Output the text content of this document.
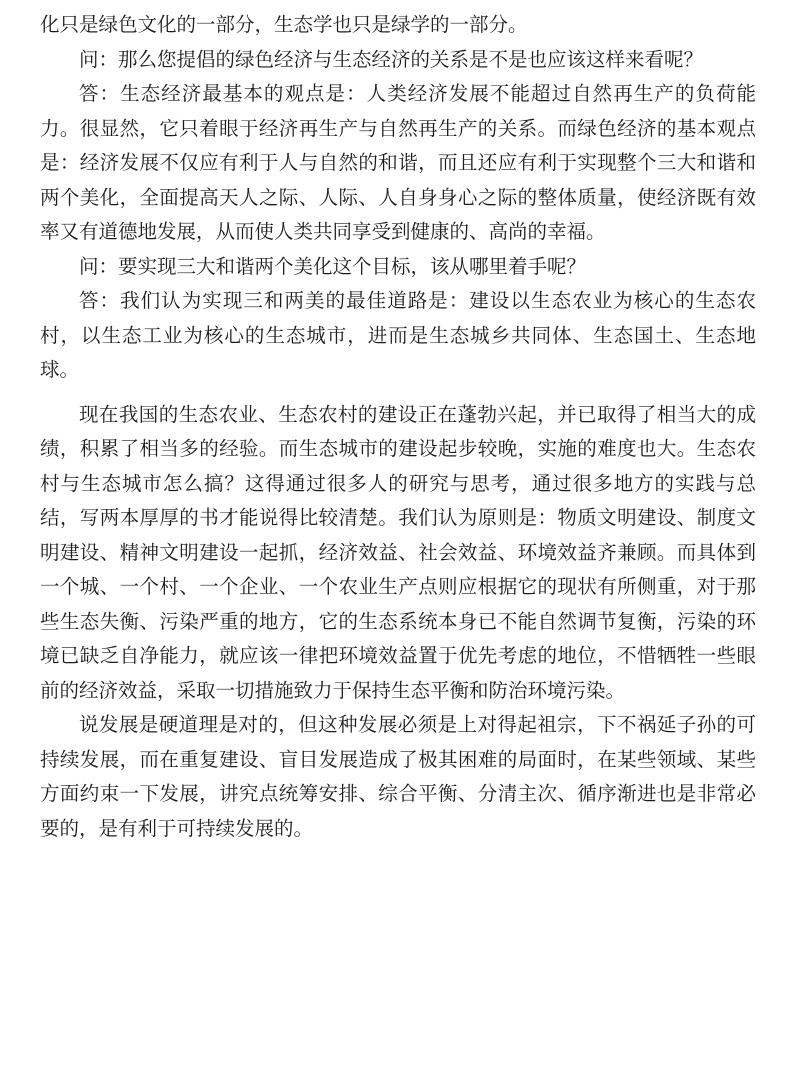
化只是绿色文化的一部分，生态学也只是绿学的一部分。

问：那么您提倡的绿色经济与生态经济的关系是不是也应该这样来看呢？

答：生态经济最基本的观点是：人类经济发展不能超过自然再生产的负荷能力。很显然，它只着眼于经济再生产与自然再生产的关系。而绿色经济的基本观点是：经济发展不仅应有利于人与自然的和谐，而且还应有利于实现整个三大和谐和两个美化，全面提高天人之际、人际、人自身身心之际的整体质量，使经济既有效率又有道德地发展，从而使人类共同享受到健康的、高尚的幸福。

问：要实现三大和谐两个美化这个目标，该从哪里着手呢？

答：我们认为实现三和两美的最佳道路是：建设以生态农业为核心的生态农村，以生态工业为核心的生态城市，进而是生态城乡共同体、生态国土、生态地球。

现在我国的生态农业、生态农村的建设正在蓬勃兴起，并已取得了相当大的成绩，积累了相当多的经验。而生态城市的建设起步较晚，实施的难度也大。生态农村与生态城市怎么搞？这得通过很多人的研究与思考，通过很多地方的实践与总结，写两本厚厚的书才能说得比较清楚。我们认为原则是：物质文明建设、制度文明建设、精神文明建设一起抓，经济效益、社会效益、环境效益齐兼顾。而具体到一个城、一个村、一个企业、一个农业生产点则应根据它的现状有所侧重，对于那些生态失衡、污染严重的地方，它的生态系统本身已不能自然调节复衡，污染的环境已缺乏自净能力，就应该一律把环境效益置于优先考虑的地位，不惜牺牲一些眼前的经济效益，采取一切措施致力于保持生态平衡和防治环境污染。

说发展是硬道理是对的，但这种发展必须是上对得起祖宗，下不祸延子孙的可持续发展，而在重复建设、盲目发展造成了极其困难的局面时，在某些领域、某些方面约束一下发展，讲究点统筹安排、综合平衡、分清主次、循序渐进也是非常必要的，是有利于可持续发展的。
